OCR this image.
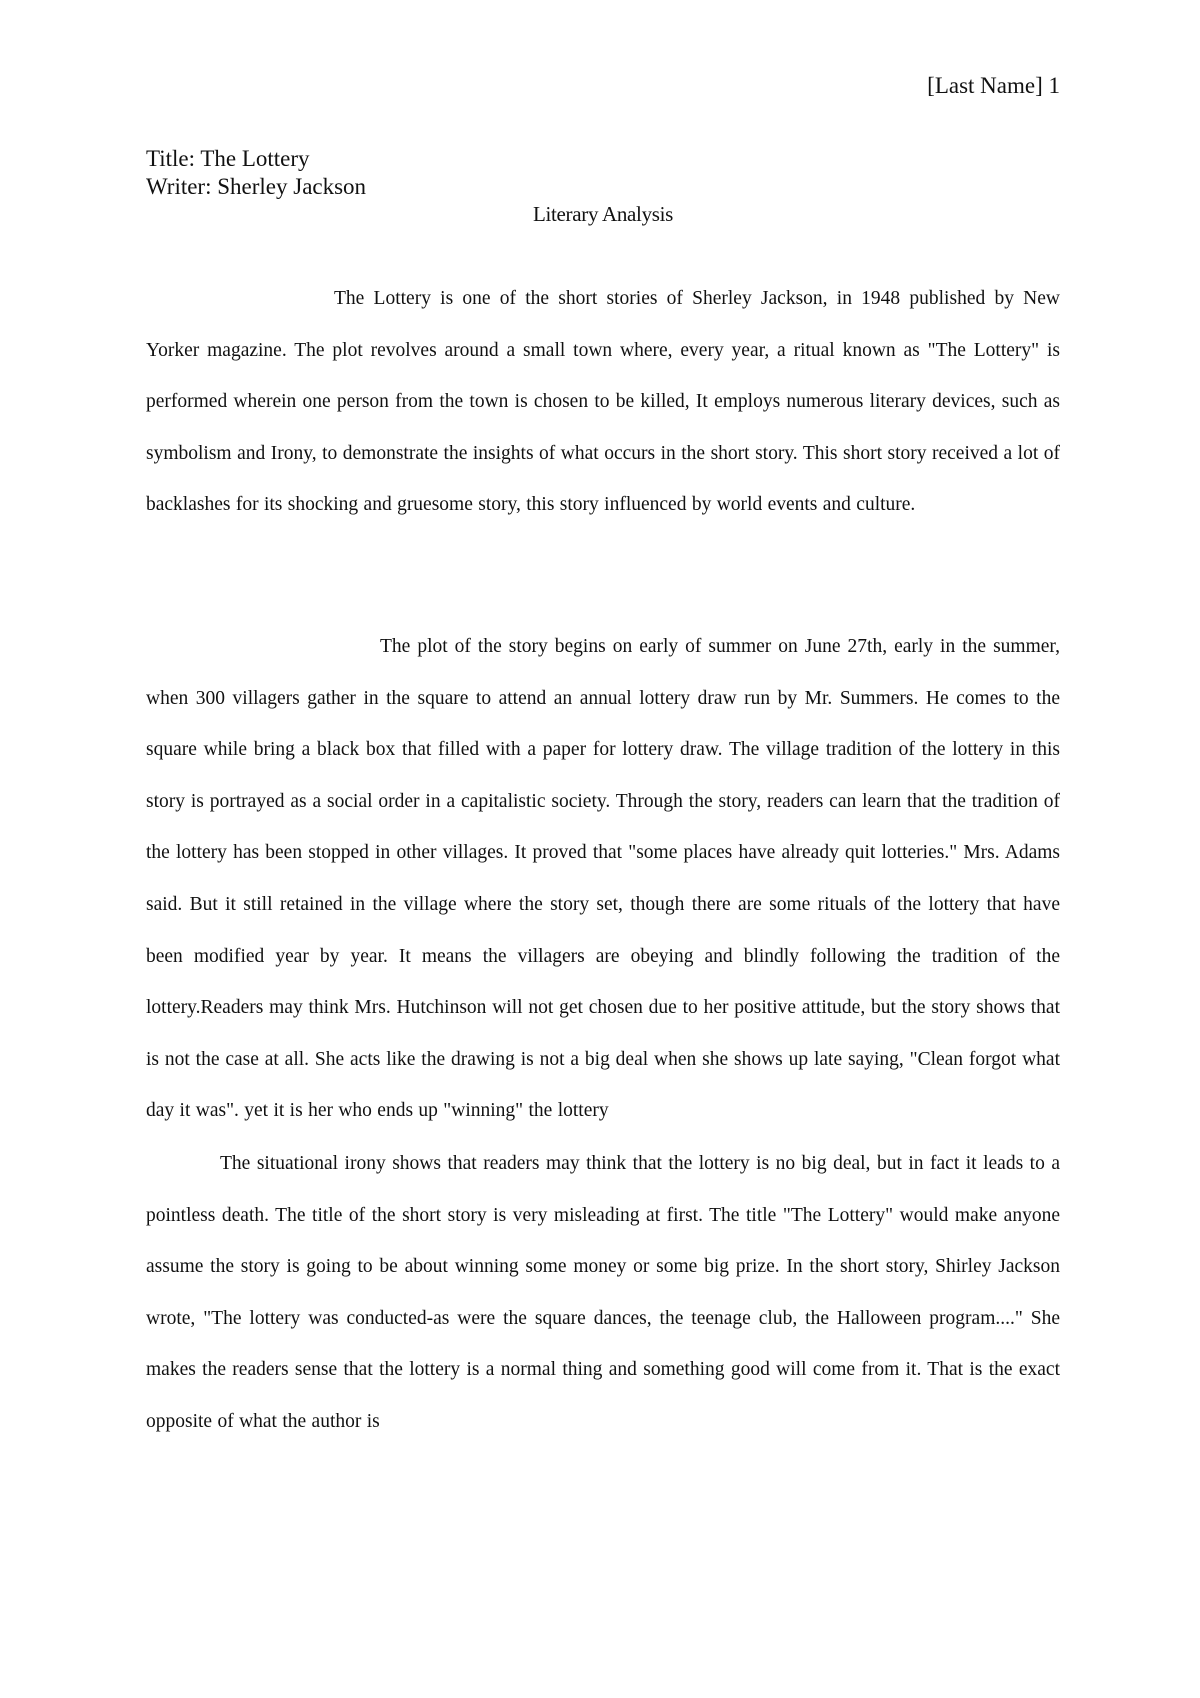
[Last Name] 1
Title: The Lottery
Writer: Sherley Jackson
Literary Analysis

The Lottery is one of the short stories of Sherley Jackson, in 1948 published by New Yorker magazine. The plot revolves around a small town where, every year, a ritual known as "The Lottery" is performed wherein one person from the town is chosen to be killed, It employs numerous literary devices, such as symbolism and Irony, to demonstrate the insights of what occurs in the short story. This short story received a lot of backlashes for its shocking and gruesome story, this story influenced by world events and culture.

The plot of the story begins on early of summer on June 27th, early in the summer, when 300 villagers gather in the square to attend an annual lottery draw run by Mr. Summers. He comes to the square while bring a black box that filled with a paper for lottery draw. The village tradition of the lottery in this story is portrayed as a social order in a capitalistic society. Through the story, readers can learn that the tradition of the lottery has been stopped in other villages. It proved that "some places have already quit lotteries." Mrs. Adams said. But it still retained in the village where the story set, though there are some rituals of the lottery that have been modified year by year. It means the villagers are obeying and blindly following the tradition of the lottery.Readers may think Mrs. Hutchinson will not get chosen due to her positive attitude, but the story shows that is not the case at all. She acts like the drawing is not a big deal when she shows up late saying, "Clean forgot what day it was". yet it is her who ends up "winning" the lottery

The situational irony shows that readers may think that the lottery is no big deal, but in fact it leads to a pointless death. The title of the short story is very misleading at first. The title "The Lottery" would make anyone assume the story is going to be about winning some money or some big prize. In the short story, Shirley Jackson wrote, "The lottery was conducted-as were the square dances, the teenage club, the Halloween program...." She makes the readers sense that the lottery is a normal thing and something good will come from it. That is the exact opposite of what the author is
